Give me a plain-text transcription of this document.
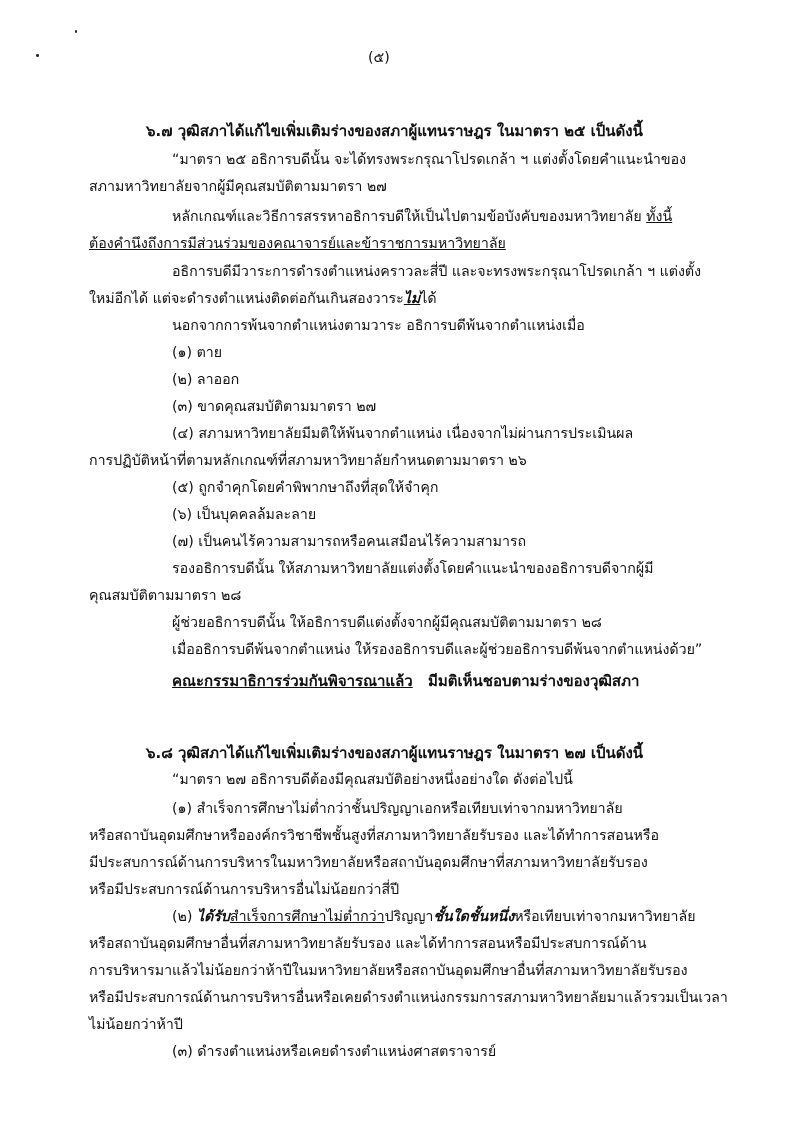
(๕)
๖.๗ วุฒิสภาได้แก้ไขเพิ่มเติมร่างของสภาผู้แทนราษฎร ในมาตรา ๒๕ เป็นดังนี้
“มาตรา ๒๕ อธิการบดีนั้น จะได้ทรงพระกรุณาโปรดเกล้า ฯ แต่งตั้งโดยคำแนะนำของ
สภามหาวิทยาลัยจากผู้มีคุณสมบัติตามมาตรา ๒๗
หลักเกณฑ์และวิธีการสรรหาอธิการบดีให้เป็นไปตามข้อบังคับของมหาวิทยาลัย ทั้งนี้
ต้องคำนึงถึงการมีส่วนร่วมของคณาจารย์และข้าราชการมหาวิทยาลัย
อธิการบดีมีวาระการดำรงตำแหน่งคราวละสี่ปี และจะทรงพระกรุณาโปรดเกล้า ฯ แต่งตั้ง
ใหม่อีกได้ แต่จะดำรงตำแหน่งติดต่อกันเกินสองวาระไม่ได้
นอกจากการพ้นจากตำแหน่งตามวาระ อธิการบดีพ้นจากตำแหน่งเมื่อ
(๑) ตาย
(๒) ลาออก
(๓) ขาดคุณสมบัติตามมาตรา ๒๗
(๔) สภามหาวิทยาลัยมีมติให้พ้นจากตำแหน่ง เนื่องจากไม่ผ่านการประเมินผล
การปฏิบัติหน้าที่ตามหลักเกณฑ์ที่สภามหาวิทยาลัยกำหนดตามมาตรา ๒๖
(๕) ถูกจำคุกโดยคำพิพากษาถึงที่สุดให้จำคุก
(๖) เป็นบุคคลล้มละลาย
(๗) เป็นคนไร้ความสามารถหรือคนเสมือนไร้ความสามารถ
รองอธิการบดีนั้น ให้สภามหาวิทยาลัยแต่งตั้งโดยคำแนะนำของอธิการบดีจากผู้มี
คุณสมบัติตามมาตรา ๒๘
ผู้ช่วยอธิการบดีนั้น ให้อธิการบดีแต่งตั้งจากผู้มีคุณสมบัติตามมาตรา ๒๘
เมื่ออธิการบดีพ้นจากตำแหน่ง ให้รองอธิการบดีและผู้ช่วยอธิการบดีพ้นจากตำแหน่งด้วย”
คณะกรรมาธิการร่วมกันพิจารณาแล้ว มีมติเห็นชอบตามร่างของวุฒิสภา
๖.๘ วุฒิสภาได้แก้ไขเพิ่มเติมร่างของสภาผู้แทนราษฎร ในมาตรา ๒๗ เป็นดังนี้
“มาตรา ๒๗ อธิการบดีต้องมีคุณสมบัติอย่างหนึ่งอย่างใด ดังต่อไปนี้
(๑) สำเร็จการศึกษาไม่ต่ำกว่าชั้นปริญญาเอกหรือเทียบเท่าจากมหาวิทยาลัย
หรือสถาบันอุดมศึกษาหรือองค์กรวิชาชีพชั้นสูงที่สภามหาวิทยาลัยรับรอง และได้ทำการสอนหรือ
มีประสบการณ์ด้านการบริหารในมหาวิทยาลัยหรือสถาบันอุดมศึกษาที่สภามหาวิทยาลัยรับรอง
หรือมีประสบการณ์ด้านการบริหารอื่นไม่น้อยกว่าสี่ปี
(๒) ได้รับสำเร็จการศึกษาไม่ต่ำกว่าปริญญาชั้นใดชั้นหนึ่งหรือเทียบเท่าจากมหาวิทยาลัย
หรือสถาบันอุดมศึกษาอื่นที่สภามหาวิทยาลัยรับรอง และได้ทำการสอนหรือมีประสบการณ์ด้าน
การบริหารมาแล้วไม่น้อยกว่าห้าปีในมหาวิทยาลัยหรือสถาบันอุดมศึกษาอื่นที่สภามหาวิทยาลัยรับรอง
หรือมีประสบการณ์ด้านการบริหารอื่นหรือเคยดำรงตำแหน่งกรรมการสภามหาวิทยาลัยมาแล้วรวมเป็นเวลา
ไม่น้อยกว่าห้าปี
(๓) ดำรงตำแหน่งหรือเคยดำรงตำแหน่งศาสตราจารย์
